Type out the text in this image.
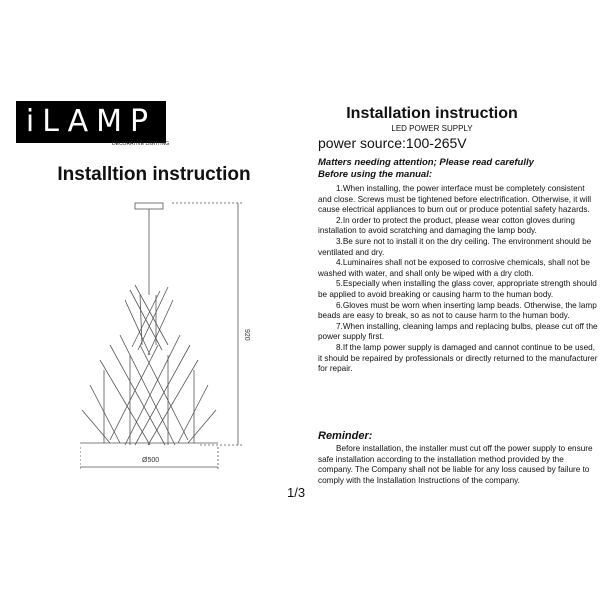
iLAMP
DECORATIVE LIGHTING
Installtion instruction
920
Ø500
1/3
Installation instruction
LED POWER SUPPLY
power source:100-265V
Matters needing attention; Please read carefully
Before using the manual:

1.When installing, the power interface must be completely consistent and close. Screws must be tightened before electrification. Otherwise, it will cause electrical appliances to burn out or produce potential safety hazards.

2.In order to protect the product, please wear cotton gloves during installation to avoid scratching and damaging the lamp body.

3.Be sure not to install it on the dry ceiling. The environment should be ventilated and dry.

4.Luminaires shall not be exposed to corrosive chemicals, shall not be washed with water, and shall only be wiped with a dry cloth.

5.Especially when installing the glass cover, appropriate strength should be applied to avoid breaking or causing harm to the human body.

6.Gloves must be worn when inserting lamp beads. Otherwise, the lamp beads are easy to break, so as not to cause harm to the human body.

7.When installing, cleaning lamps and replacing bulbs, please cut off the power supply first.

8.If the lamp power supply is damaged and cannot continue to be used, it should be repaired by professionals or directly returned to the manufacturer for repair.

Reminder:

Before installation, the installer must cut off the power supply to ensure safe installation according to the installation method provided by the company. The Company shall not be liable for any loss caused by failure to comply with the Installation Instructions of the company.
